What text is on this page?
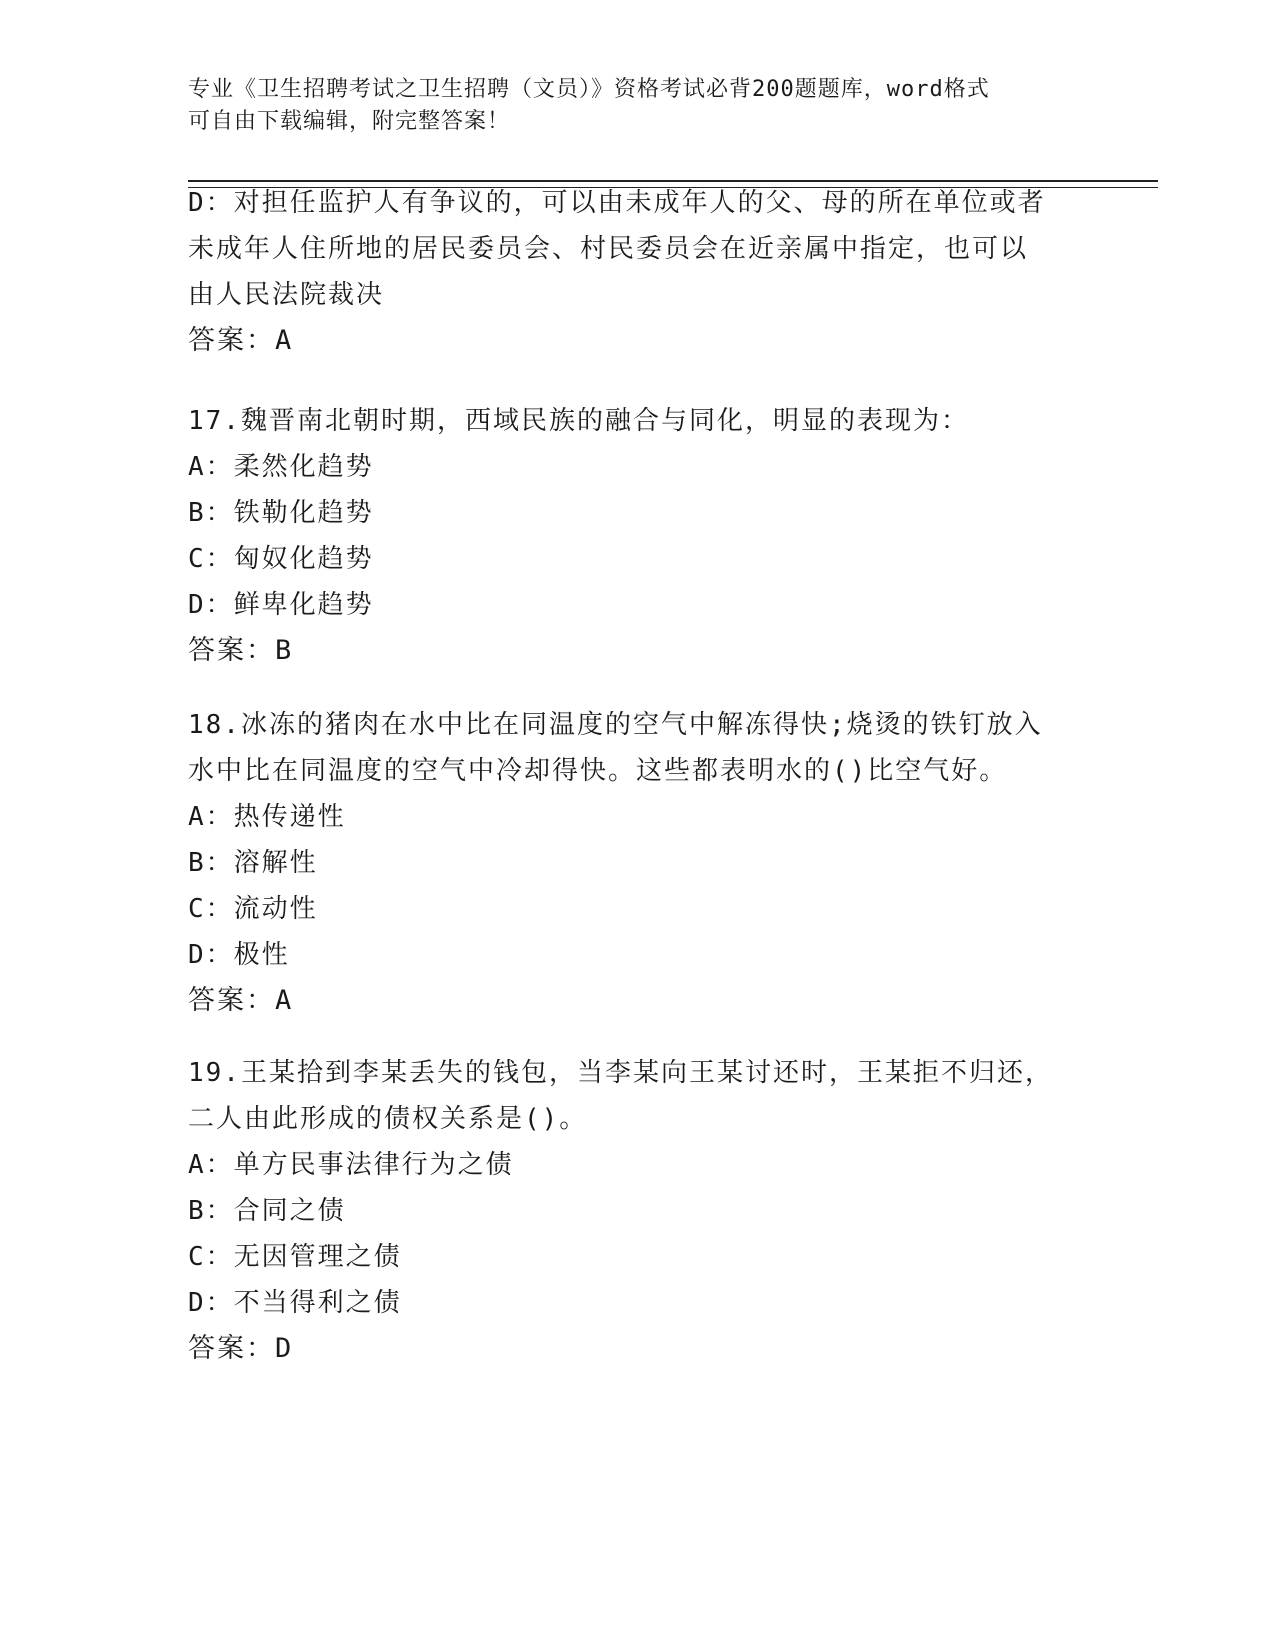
专业《卫生招聘考试之卫生招聘（文员）》资格考试必背200题题库，word格式
可自由下载编辑，附完整答案！
D：对担任监护人有争议的，可以由未成年人的父、母的所在单位或者
未成年人住所地的居民委员会、村民委员会在近亲属中指定，也可以
由人民法院裁决
答案：A
17.魏晋南北朝时期，西域民族的融合与同化，明显的表现为：
A：柔然化趋势
B：铁勒化趋势
C：匈奴化趋势
D：鲜卑化趋势
答案：B
18.冰冻的猪肉在水中比在同温度的空气中解冻得快;烧烫的铁钉放入
水中比在同温度的空气中冷却得快。这些都表明水的()比空气好。
A：热传递性
B：溶解性
C：流动性
D：极性
答案：A
19.王某拾到李某丢失的钱包，当李某向王某讨还时，王某拒不归还，
二人由此形成的债权关系是()。
A：单方民事法律行为之债
B：合同之债
C：无因管理之债
D：不当得利之债
答案：D
